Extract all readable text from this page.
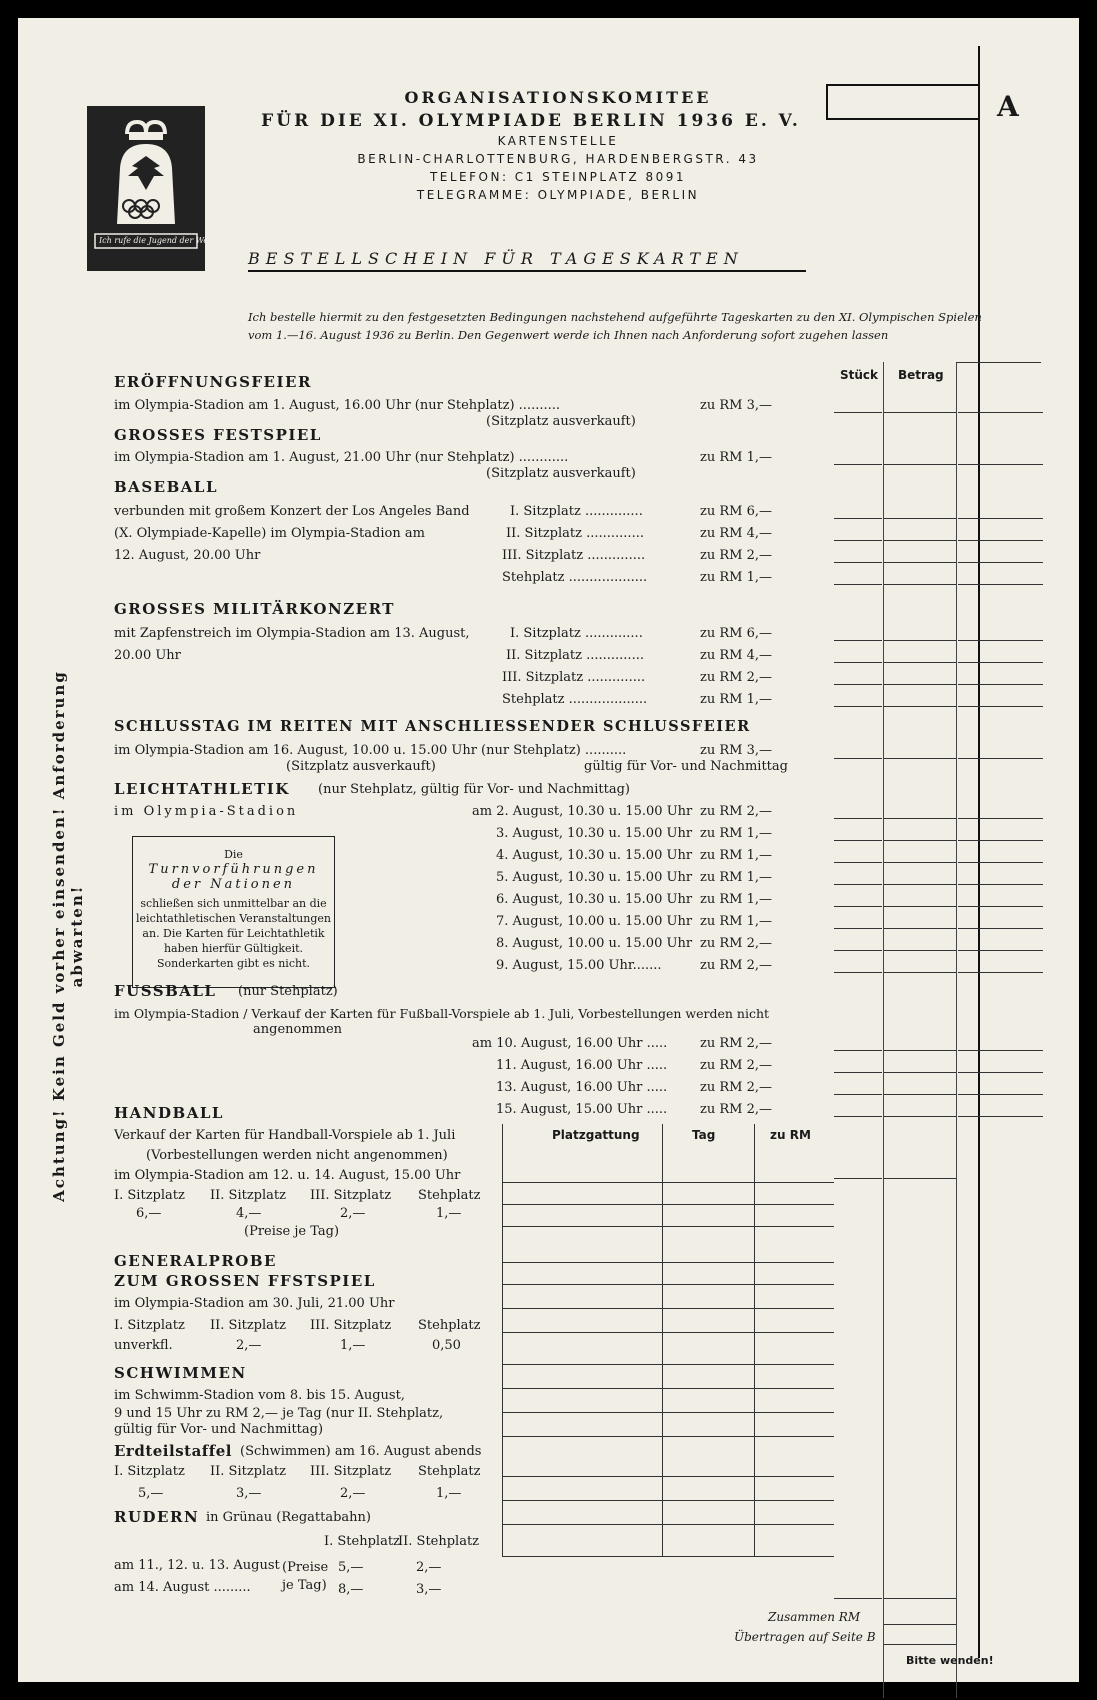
Ich rufe die Jugend der Welt!
ORGANISATIONSKOMITEE
FÜR DIE XI. OLYMPIADE BERLIN 1936 E. V.
KARTENSTELLE
BERLIN-CHARLOTTENBURG, HARDENBERGSTR. 43
TELEFON: C1 STEINPLATZ 8091
TELEGRAMME: OLYMPIADE, BERLIN
A
BESTELLSCHEIN FÜR TAGESKARTEN
Ich bestelle hiermit zu den festgesetzten Bedingungen nachstehend aufgeführte Tageskarten zu den XI. Olympischen Spielen
vom 1.—16. August 1936 zu Berlin. Den Gegenwert werde ich Ihnen nach Anforderung sofort zugehen lassen
Stück Betrag
Achtung! Kein Geld vorher einsenden! Anforderung abwarten!
ERÖFFNUNGSFEIER
im Olympia-Stadion am 1. August, 16.00 Uhr (nur Stehplatz) ..........	zu RM 3,—
(Sitzplatz ausverkauft)
GROSSES FESTSPIEL
im Olympia-Stadion am 1. August, 21.00 Uhr (nur Stehplatz) ............	zu RM 1,—
(Sitzplatz ausverkauft)
BASEBALL
verbunden mit großem Konzert der Los Angeles Band
(X. Olympiade-Kapelle) im Olympia-Stadion am
12. August, 20.00 Uhr
I. Sitzplatz ..............	zu RM 6,—
II. Sitzplatz ..............	zu RM 4,—
III. Sitzplatz ..............	zu RM 2,—
Stehplatz ...................	zu RM 1,—
GROSSES MILITÄRKONZERT
mit Zapfenstreich im Olympia-Stadion am 13. August,
20.00 Uhr
I. Sitzplatz ..............	zu RM 6,—
II. Sitzplatz ..............	zu RM 4,—
III. Sitzplatz ..............	zu RM 2,—
Stehplatz ...................	zu RM 1,—
SCHLUSSTAG IM REITEN MIT ANSCHLIESSENDER SCHLUSSFEIER
im Olympia-Stadion am 16. August, 10.00 u. 15.00 Uhr (nur Stehplatz) ..........	zu RM 3,—
(Sitzplatz ausverkauft)	gültig für Vor- und Nachmittag
LEICHTATHLETIK (nur Stehplatz, gültig für Vor- und Nachmittag)
im Olympia-Stadion	am 2. August, 10.30 u. 15.00 Uhr zu RM 2,—
3. August, 10.30 u. 15.00 Uhr zu RM 1,—
4. August, 10.30 u. 15.00 Uhr zu RM 1,—
5. August, 10.30 u. 15.00 Uhr zu RM 1,—
6. August, 10.30 u. 15.00 Uhr zu RM 1,—
7. August, 10.00 u. 15.00 Uhr zu RM 1,—
8. August, 10.00 u. 15.00 Uhr zu RM 2,—
9. August, 15.00 Uhr.......	zu RM 2,—
Die
Turnvorführungen
der Nationen
schließen sich unmittelbar an die
leichtathletischen Veranstaltungen
an. Die Karten für Leichtathletik
haben hierfür Gültigkeit.
Sonderkarten gibt es nicht.
FUSSBALL (nur Stehplatz)
im Olympia-Stadion / Verkauf der Karten für Fußball-Vorspiele ab 1. Juli, Vorbestellungen werden nicht
angenommen
am 10. August, 16.00 Uhr .....	zu RM 2,—
11. August, 16.00 Uhr .....	zu RM 2,—
13. August, 16.00 Uhr .....	zu RM 2,—
15. August, 15.00 Uhr .....	zu RM 2,—
HANDBALL
Verkauf der Karten für Handball-Vorspiele ab 1. Juli
(Vorbestellungen werden nicht angenommen)
im Olympia-Stadion am 12. u. 14. August, 15.00 Uhr
I. Sitzplatz II. Sitzplatz III. Sitzplatz Stehplatz
6,—	4,—	2,—	1,—
(Preise je Tag)
GENERALPROBE
ZUM GROSSEN FFSTSPIEL
im Olympia-Stadion am 30. Juli, 21.00 Uhr
I. Sitzplatz II. Sitzplatz III. Sitzplatz Stehplatz
unverkfl.	2,—	1,—	0,50
SCHWIMMEN
im Schwimm-Stadion vom 8. bis 15. August,
9 und 15 Uhr zu RM 2,— je Tag (nur II. Stehplatz,
gültig für Vor- und Nachmittag)
Erdteilstaffel (Schwimmen) am 16. August abends
I. Sitzplatz II. Sitzplatz III. Sitzplatz Stehplatz
5,—	3,—	2,—	1,—
RUDERN in Grünau (Regattabahn)
I. Stehplatz
II. Stehplatz
am 11., 12. u. 13. August (Preise 5,—	2,—
am 14. August ......... je Tag) 8,—	3,—
Platzgattung	Tag	zu RM
Zusammen RM
Übertragen auf Seite B
Bitte wenden!
